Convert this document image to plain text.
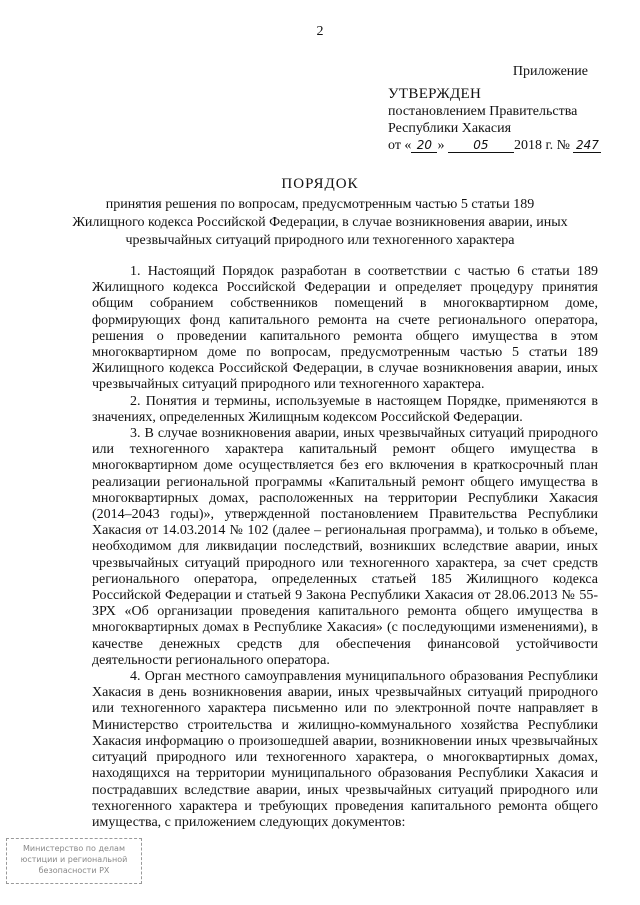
2
Приложение
УТВЕРЖДЕН
постановлением Правительства
Республики Хакасия
от « 20 » 05 2018 г. № 247
ПОРЯДОК
принятия решения по вопросам, предусмотренным частью 5 статьи 189 Жилищного кодекса Российской Федерации, в случае возникновения аварии, иных чрезвычайных ситуаций природного или техногенного характера

1. Настоящий Порядок разработан в соответствии с частью 6 статьи 189 Жилищного кодекса Российской Федерации и определяет процедуру принятия общим собранием собственников помещений в многоквартирном доме, формирующих фонд капитального ремонта на счете регионального оператора, решения о проведении капитального ремонта общего имущества в этом многоквартирном доме по вопросам, предусмотренным частью 5 статьи 189 Жилищного кодекса Российской Федерации, в случае возникновения аварии, иных чрезвычайных ситуаций природного или техногенного характера.

2. Понятия и термины, используемые в настоящем Порядке, применяются в значениях, определенных Жилищным кодексом Российской Федерации.

3. В случае возникновения аварии, иных чрезвычайных ситуаций природного или техногенного характера капитальный ремонт общего имущества в многоквартирном доме осуществляется без его включения в краткосрочный план реализации региональной программы «Капитальный ремонт общего имущества в многоквартирных домах, расположенных на территории Республики Хакасия (2014–2043 годы)», утвержденной постановлением Правительства Республики Хакасия от 14.03.2014 № 102 (далее – региональная программа), и только в объеме, необходимом для ликвидации последствий, возникших вследствие аварии, иных чрезвычайных ситуаций природного или техногенного характера, за счет средств регионального оператора, определенных статьей 185 Жилищного кодекса Российской Федерации и статьей 9 Закона Республики Хакасия от 28.06.2013 № 55-ЗРХ «Об организации проведения капитального ремонта общего имущества в многоквартирных домах в Республике Хакасия» (с последующими изменениями), в качестве денежных средств для обеспечения финансовой устойчивости деятельности регионального оператора.

4. Орган местного самоуправления муниципального образования Республики Хакасия в день возникновения аварии, иных чрезвычайных ситуаций природного или техногенного характера письменно или по электронной почте направляет в Министерство строительства и жилищно-коммунального хозяйства Республики Хакасия информацию о произошедшей аварии, возникновении иных чрезвычайных ситуаций природного или техногенного характера, о многоквартирных домах, находящихся на территории муниципального образования Республики Хакасия и пострадавших вследствие аварии, иных чрезвычайных ситуаций природного или техногенного характера и требующих проведения капитального ремонта общего имущества, с приложением следующих документов:

Министерство по делам
юстиции и региональной
безопасности РХ
